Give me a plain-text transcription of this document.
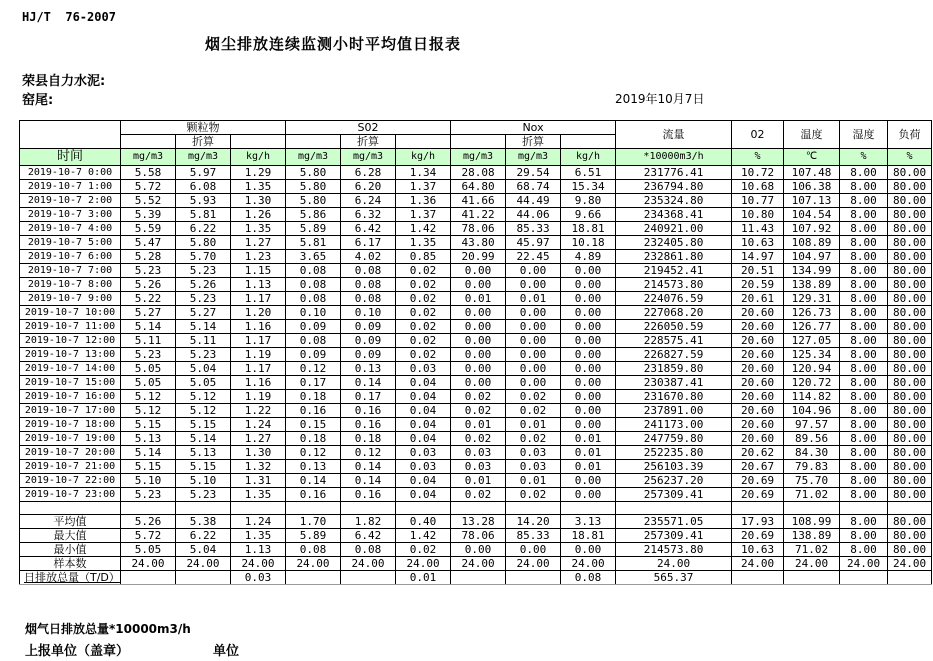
HJ/T  76-2007
烟尘排放连续监测小时平均值日报表
荣县自力水泥:
窑尾:	2019年10月7日
	颗粒物			S02			Nox			流量	02	温度	湿度	负荷
		折算			折算			折算						
时间	mg/m3	mg/m3	kg/h	mg/m3	mg/m3	kg/h	mg/m3	mg/m3	kg/h	*10000m3/h	%	℃	%	%
2019-10-7 0:00	5.58	5.97	1.29	5.80	6.28	1.34	28.08	29.54	6.51	231776.41	10.72	107.48	8.00	80.00
2019-10-7 1:00	5.72	6.08	1.35	5.80	6.20	1.37	64.80	68.74	15.34	236794.80	10.68	106.38	8.00	80.00
2019-10-7 2:00	5.52	5.93	1.30	5.80	6.24	1.36	41.66	44.49	9.80	235324.80	10.77	107.13	8.00	80.00
2019-10-7 3:00	5.39	5.81	1.26	5.86	6.32	1.37	41.22	44.06	9.66	234368.41	10.80	104.54	8.00	80.00
2019-10-7 4:00	5.59	6.22	1.35	5.89	6.42	1.42	78.06	85.33	18.81	240921.00	11.43	107.92	8.00	80.00
2019-10-7 5:00	5.47	5.80	1.27	5.81	6.17	1.35	43.80	45.97	10.18	232405.80	10.63	108.89	8.00	80.00
2019-10-7 6:00	5.28	5.70	1.23	3.65	4.02	0.85	20.99	22.45	4.89	232861.80	14.97	104.97	8.00	80.00
2019-10-7 7:00	5.23	5.23	1.15	0.08	0.08	0.02	0.00	0.00	0.00	219452.41	20.51	134.99	8.00	80.00
2019-10-7 8:00	5.26	5.26	1.13	0.08	0.08	0.02	0.00	0.00	0.00	214573.80	20.59	138.89	8.00	80.00
2019-10-7 9:00	5.22	5.23	1.17	0.08	0.08	0.02	0.01	0.01	0.00	224076.59	20.61	129.31	8.00	80.00
2019-10-7 10:00	5.27	5.27	1.20	0.10	0.10	0.02	0.00	0.00	0.00	227068.20	20.60	126.73	8.00	80.00
2019-10-7 11:00	5.14	5.14	1.16	0.09	0.09	0.02	0.00	0.00	0.00	226050.59	20.60	126.77	8.00	80.00
2019-10-7 12:00	5.11	5.11	1.17	0.08	0.09	0.02	0.00	0.00	0.00	228575.41	20.60	127.05	8.00	80.00
2019-10-7 13:00	5.23	5.23	1.19	0.09	0.09	0.02	0.00	0.00	0.00	226827.59	20.60	125.34	8.00	80.00
2019-10-7 14:00	5.05	5.04	1.17	0.12	0.13	0.03	0.00	0.00	0.00	231859.80	20.60	120.94	8.00	80.00
2019-10-7 15:00	5.05	5.05	1.16	0.17	0.14	0.04	0.00	0.00	0.00	230387.41	20.60	120.72	8.00	80.00
2019-10-7 16:00	5.12	5.12	1.19	0.18	0.17	0.04	0.02	0.02	0.00	231670.80	20.60	114.82	8.00	80.00
2019-10-7 17:00	5.12	5.12	1.22	0.16	0.16	0.04	0.02	0.02	0.00	237891.00	20.60	104.96	8.00	80.00
2019-10-7 18:00	5.15	5.15	1.24	0.15	0.16	0.04	0.01	0.01	0.00	241173.00	20.60	97.57	8.00	80.00
2019-10-7 19:00	5.13	5.14	1.27	0.18	0.18	0.04	0.02	0.02	0.01	247759.80	20.60	89.56	8.00	80.00
2019-10-7 20:00	5.14	5.13	1.30	0.12	0.12	0.03	0.03	0.03	0.01	252235.80	20.62	84.30	8.00	80.00
2019-10-7 21:00	5.15	5.15	1.32	0.13	0.14	0.03	0.03	0.03	0.01	256103.39	20.67	79.83	8.00	80.00
2019-10-7 22:00	5.10	5.10	1.31	0.14	0.14	0.04	0.01	0.01	0.00	256237.20	20.69	75.70	8.00	80.00
2019-10-7 23:00	5.23	5.23	1.35	0.16	0.16	0.04	0.02	0.02	0.00	257309.41	20.69	71.02	8.00	80.00

平均值	5.26	5.38	1.24	1.70	1.82	0.40	13.28	14.20	3.13	235571.05	17.93	108.99	8.00	80.00
最大值	5.72	6.22	1.35	5.89	6.42	1.42	78.06	85.33	18.81	257309.41	20.69	138.89	8.00	80.00
最小值	5.05	5.04	1.13	0.08	0.08	0.02	0.00	0.00	0.00	214573.80	10.63	71.02	8.00	80.00
样本数	24.00	24.00	24.00	24.00	24.00	24.00	24.00	24.00	24.00	24.00	24.00	24.00	24.00	24.00
日排放总量（T/D）			0.03			0.01			0.08	565.37				
烟气日排放总量*10000m3/h
上报单位（盖章）	单位
